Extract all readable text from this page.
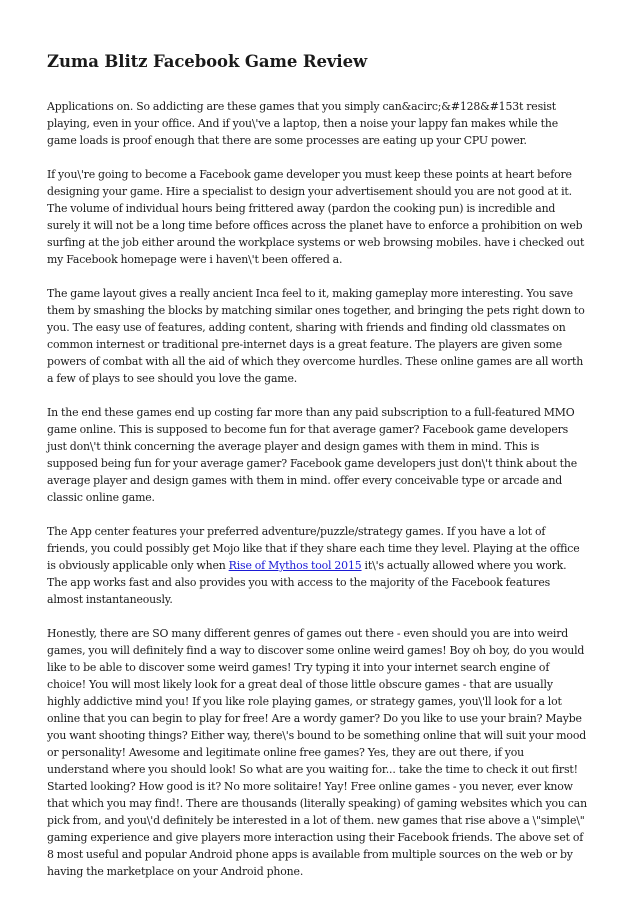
Zuma Blitz Facebook Game Review

Applications on. So addicting are these games that you simply can&acirc;&#128&#153t resist
playing, even in your office. And if you\'ve a laptop, then a noise your lappy fan makes while the
game loads is proof enough that there are some processes are eating up your CPU power.

If you\'re going to become a Facebook game developer you must keep these points at heart before
designing your game. Hire a specialist to design your advertisement should you are not good at it.
The volume of individual hours being frittered away (pardon the cooking pun) is incredible and
surely it will not be a long time before offices across the planet have to enforce a prohibition on web
surfing at the job either around the workplace systems or web browsing mobiles. have i checked out
my Facebook homepage were i haven\'t been offered a.

The game layout gives a really ancient Inca feel to it, making gameplay more interesting. You save
them by smashing the blocks by matching similar ones together, and bringing the pets right down to
you. The easy use of features, adding content, sharing with friends and finding old classmates on
common internest or traditional pre-internet days is a great feature. The players are given some
powers of combat with all the aid of which they overcome hurdles. These online games are all worth
a few of plays to see should you love the game.

In the end these games end up costing far more than any paid subscription to a full-featured MMO
game online. This is supposed to become fun for that average gamer? Facebook game developers
just don\'t think concerning the average player and design games with them in mind. This is
supposed being fun for your average gamer? Facebook game developers just don\'t think about the
average player and design games with them in mind. offer every conceivable type or arcade and
classic online game.

The App center features your preferred adventure/puzzle/strategy games. If you have a lot of
friends, you could possibly get Mojo like that if they share each time they level. Playing at the office
is obviously applicable only when Rise of Mythos tool 2015 it\'s actually allowed where you work.
The app works fast and also provides you with access to the majority of the Facebook features
almost instantaneously.

Honestly, there are SO many different genres of games out there - even should you are into weird
games, you will definitely find a way to discover some online weird games! Boy oh boy, do you would
like to be able to discover some weird games! Try typing it into your internet search engine of
choice! You will most likely look for a great deal of those little obscure games - that are usually
highly addictive mind you! If you like role playing games, or strategy games, you\'ll look for a lot
online that you can begin to play for free! Are a wordy gamer? Do you like to use your brain? Maybe
you want shooting things? Either way, there\'s bound to be something online that will suit your mood
or personality! Awesome and legitimate online free games? Yes, they are out there, if you
understand where you should look! So what are you waiting for... take the time to check it out first!
Started looking? How good is it? No more solitaire! Yay! Free online games - you never, ever know
that which you may find!. There are thousands (literally speaking) of gaming websites which you can
pick from, and you\'d definitely be interested in a lot of them. new games that rise above a \"simple\"
gaming experience and give players more interaction using their Facebook friends. The above set of
8 most useful and popular Android phone apps is available from multiple sources on the web or by
having the marketplace on your Android phone.
